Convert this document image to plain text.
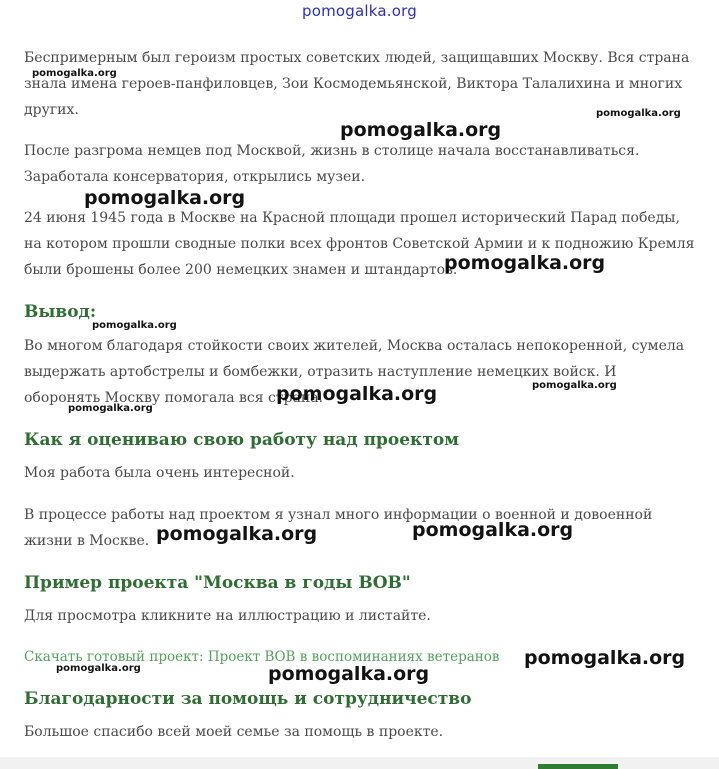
pomogalka.org

Беспримерным был героизм простых советских людей, защищавших Москву. Вся страна знала имена героев-панфиловцев, Зои Космодемьянской, Виктора Талалихина и многих других.

После разгрома немцев под Москвой, жизнь в столице начала восстанавливаться. Заработала консерватория, открылись музеи.

24 июня 1945 года в Москве на Красной площади прошел исторический Парад победы, на котором прошли сводные полки всех фронтов Советской Армии и к подножию Кремля были брошены более 200 немецких знамен и штандартов.

Вывод:

Во многом благодаря стойкости своих жителей, Москва осталась непокоренной, сумела выдержать артобстрелы и бомбежки, отразить наступление немецких войск. И оборонять Москву помогала вся страна.

Как я оцениваю свою работу над проектом

Моя работа была очень интересной.

В процессе работы над проектом я узнал много информации о военной и довоенной жизни в Москве.

Пример проекта "Москва в годы ВОВ"

Для просмотра кликните на иллюстрацию и листайте.

Скачать готовый проект: Проект ВОВ в воспоминаниях ветеранов
Благодарности за помощь и сотрудничество

Большое спасибо всей моей семье за помощь в проекте.

pomogalka.org
pomogalka.org
pomogalka.org
pomogalka.org
pomogalka.org
pomogalka.org
pomogalka.org
pomogalka.org
pomogalka.org
pomogalka.org
pomogalka.org
pomogalka.org
pomogalka.org	pomogalka.org
